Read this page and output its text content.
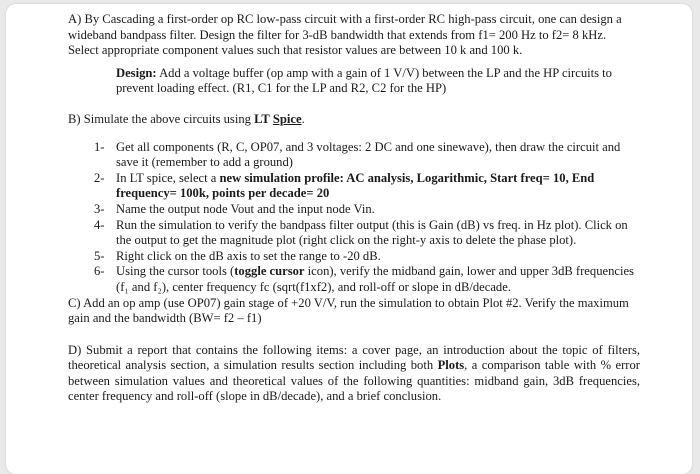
A) By Cascading a first-order op RC low-pass circuit with a first-order RC high-pass circuit, one can design a wideband bandpass filter. Design the filter for 3-dB bandwidth that extends from f1= 200 Hz to f2= 8 kHz. Select appropriate component values such that resistor values are between 10 k and 100 k.

Design: Add a voltage buffer (op amp with a gain of 1 V/V) between the LP and the HP circuits to prevent loading effect. (R1, C1 for the LP and R2, C2 for the HP)

B) Simulate the above circuits using LT Spice.

1- Get all components (R, C, OP07, and 3 voltages: 2 DC and one sinewave), then draw the circuit and save it (remember to add a ground)
2- In LT spice, select a new simulation profile: AC analysis, Logarithmic, Start freq= 10, End frequency= 100k, points per decade= 20
3- Name the output node Vout and the input node Vin.
4- Run the simulation to verify the bandpass filter output (this is Gain (dB) vs freq. in Hz plot). Click on the output to get the magnitude plot (right click on the right-y axis to delete the phase plot).
5- Right click on the dB axis to set the range to -20 dB.
6- Using the cursor tools (toggle cursor icon), verify the midband gain, lower and upper 3dB frequencies (f₁ and f₂), center frequency fc (sqrt(f1xf2), and roll-off or slope in dB/decade.

C) Add an op amp (use OP07) gain stage of +20 V/V, run the simulation to obtain Plot #2. Verify the maximum gain and the bandwidth (BW= f2 – f1)

D) Submit a report that contains the following items: a cover page, an introduction about the topic of filters, theoretical analysis section, a simulation results section including both Plots, a comparison table with % error between simulation values and theoretical values of the following quantities: midband gain, 3dB frequencies, center frequency and roll-off (slope in dB/decade), and a brief conclusion.
